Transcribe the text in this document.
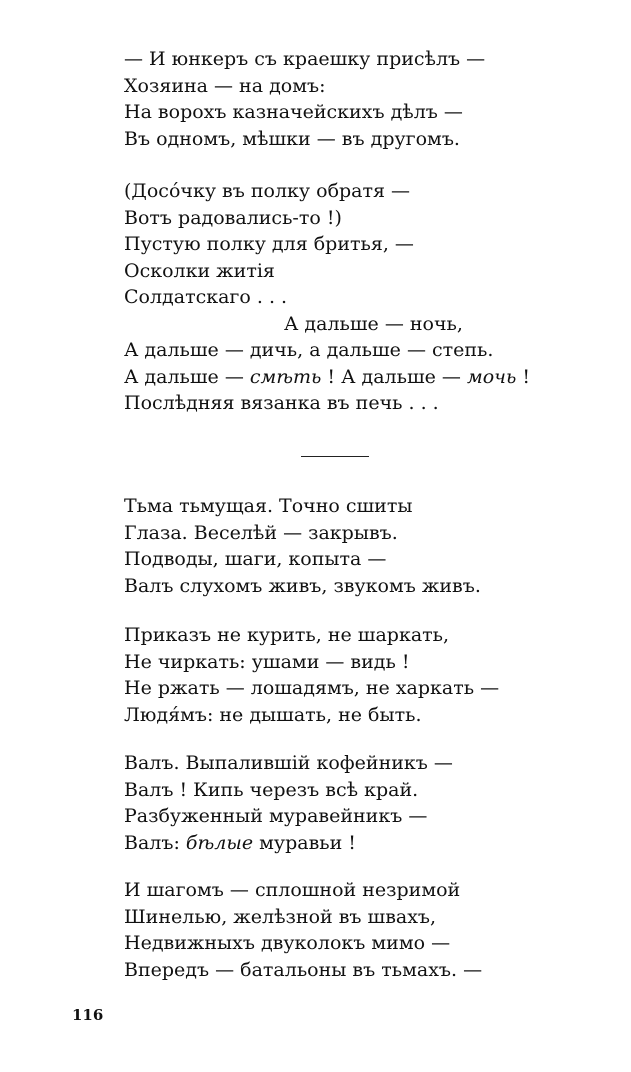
— И юнкеръ съ краешку присѣлъ —
Хозяина — на домъ:
На ворохъ казначейскихъ дѣлъ —
Въ одномъ, мѣшки — въ другомъ.
(Досо́чку въ полку обратя —
Вотъ радовались-то !)
Пустую полку для бритья, —
Осколки житiя
Солдатскаго . . .
А дальше — ночь,
А дальше — дичь, а дальше — степь.
А дальше — смѣть ! А дальше — мочь !
Послѣдняя вязанка въ печь . . .
Тьма тьмущая. Точно сшиты
Глаза. Веселѣй — закрывъ.
Подводы, шаги, копыта —
Валъ слухомъ живъ, звукомъ живъ.
Приказъ не курить, не шаркать,
Не чиркать: ушами — видь !
Не ржать — лошадямъ, не харкать —
Людя́мъ: не дышать, не быть.
Валъ. Выпалившiй кофейникъ —
Валъ ! Кипь черезъ всѣ край.
Разбуженный муравейникъ —
Валъ: бѣлые муравьи !
И шагомъ — сплошной незримой
Шинелью, желѣзной въ швахъ,
Недвижныхъ двуколокъ мимо —
Впередъ — батальоны въ тьмахъ. —
116
